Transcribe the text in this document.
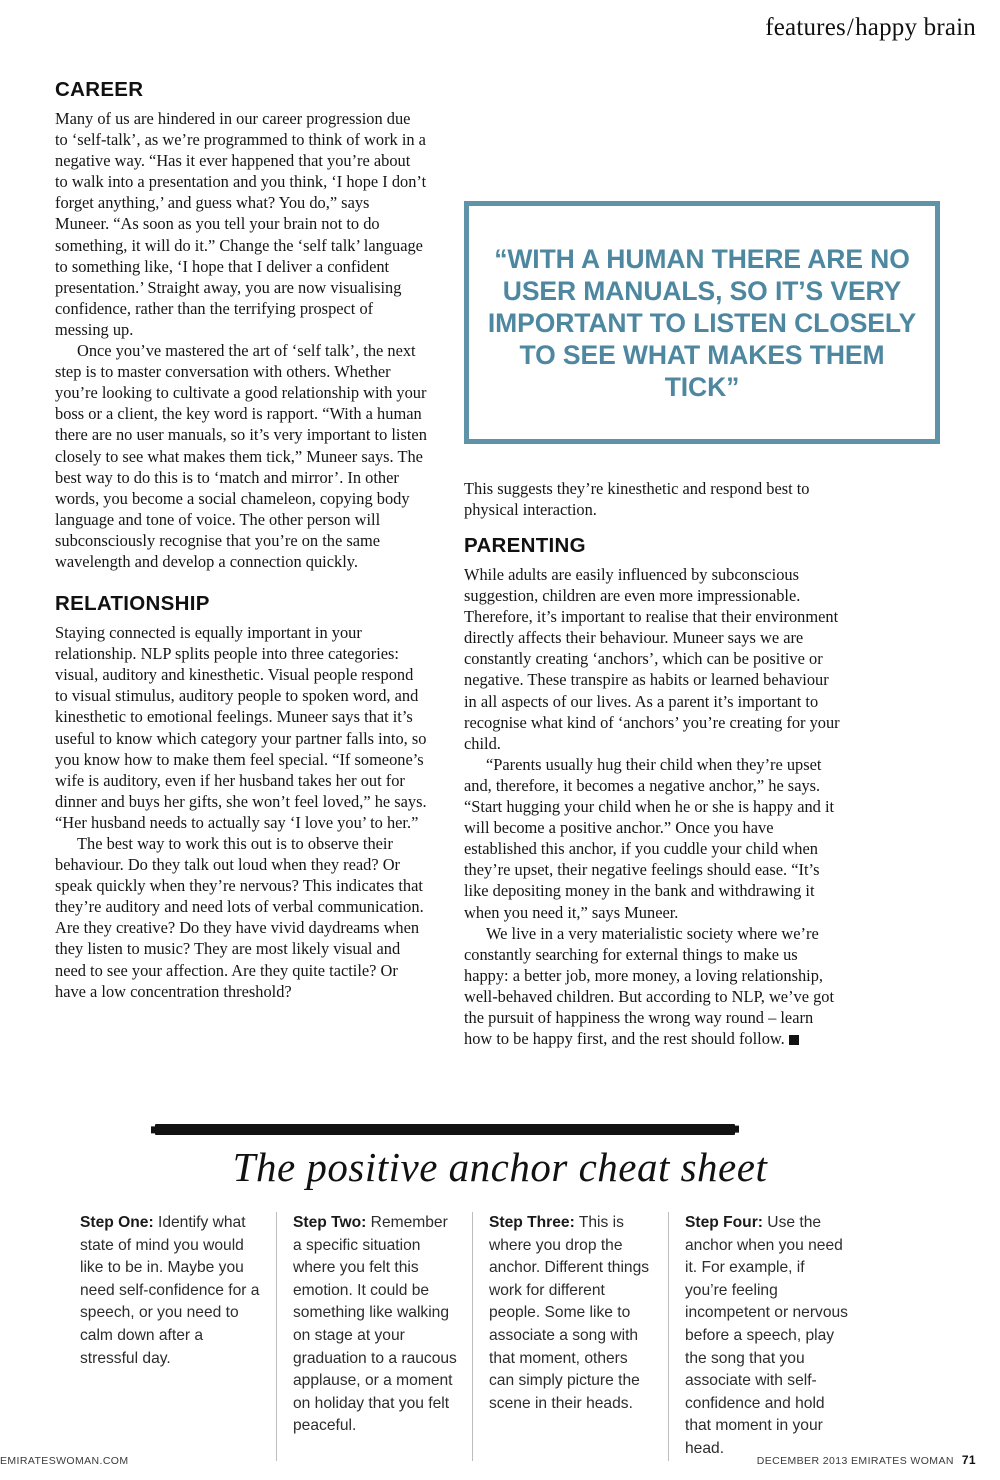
features/happy brain
CAREER

Many of us are hindered in our career progression due to ‘self-talk’, as we’re programmed to think of work in a negative way. “Has it ever happened that you’re about to walk into a presentation and you think, ‘I hope I don’t forget anything,’ and guess what? You do,” says Muneer. “As soon as you tell your brain not to do something, it will do it.” Change the ‘self talk’ language to something like, ‘I hope that I deliver a confident presentation.’ Straight away, you are now visualising confidence, rather than the terrifying prospect of messing up.

Once you’ve mastered the art of ‘self talk’, the next step is to master conversation with others. Whether you’re looking to cultivate a good relationship with your boss or a client, the key word is rapport. “With a human there are no user manuals, so it’s very important to listen closely to see what makes them tick,” Muneer says. The best way to do this is to ‘match and mirror’. In other words, you become a social chameleon, copying body language and tone of voice. The other person will subconsciously recognise that you’re on the same wavelength and develop a connection quickly.

RELATIONSHIP

Staying connected is equally important in your relationship. NLP splits people into three categories: visual, auditory and kinesthetic. Visual people respond to visual stimulus, auditory people to spoken word, and kinesthetic to emotional feelings. Muneer says that it’s useful to know which category your partner falls into, so you know how to make them feel special. “If someone’s wife is auditory, even if her husband takes her out for dinner and buys her gifts, she won’t feel loved,” he says. “Her husband needs to actually say ‘I love you’ to her.”

The best way to work this out is to observe their behaviour. Do they talk out loud when they read? Or speak quickly when they’re nervous? This indicates that they’re auditory and need lots of verbal communication. Are they creative? Do they have vivid daydreams when they listen to music? They are most likely visual and need to see your affection. Are they quite tactile? Or have a low concentration threshold?

“WITH A HUMAN THERE ARE NO USER MANUALS, SO IT’S VERY IMPORTANT TO LISTEN CLOSELY TO SEE WHAT MAKES THEM TICK”

This suggests they’re kinesthetic and respond best to physical interaction.

PARENTING

While adults are easily influenced by subconscious suggestion, children are even more impressionable. Therefore, it’s important to realise that their environment directly affects their behaviour. Muneer says we are constantly creating ‘anchors’, which can be positive or negative. These transpire as habits or learned behaviour in all aspects of our lives. As a parent it’s important to recognise what kind of ‘anchors’ you’re creating for your child.

“Parents usually hug their child when they’re upset and, therefore, it becomes a negative anchor,” he says. “Start hugging your child when he or she is happy and it will become a positive anchor.” Once you have established this anchor, if you cuddle your child when they’re upset, their negative feelings should ease. “It’s like depositing money in the bank and withdrawing it when you need it,” says Muneer.

We live in a very materialistic society where we’re constantly searching for external things to make us happy: a better job, more money, a loving relationship, well-behaved children. But according to NLP, we’ve got the pursuit of happiness the wrong way round – learn how to be happy first, and the rest should follow.

The positive anchor cheat sheet
Step One: Identify what state of mind you would like to be in. Maybe you need self-confidence for a speech, or you need to calm down after a stressful day.
Step Two: Remember a specific situation where you felt this emotion. It could be something like walking on stage at your graduation to a raucous applause, or a moment on holiday that you felt peaceful.
Step Three: This is where you drop the anchor. Different things work for different people. Some like to associate a song with that moment, others can simply picture the scene in their heads.
Step Four: Use the anchor when you need it. For example, if you’re feeling incompetent or nervous before a speech, play the song that you associate with self-confidence and hold that moment in your head.
EMIRATESWOMAN.COM	DECEMBER 2013 EMIRATES WOMAN 71
